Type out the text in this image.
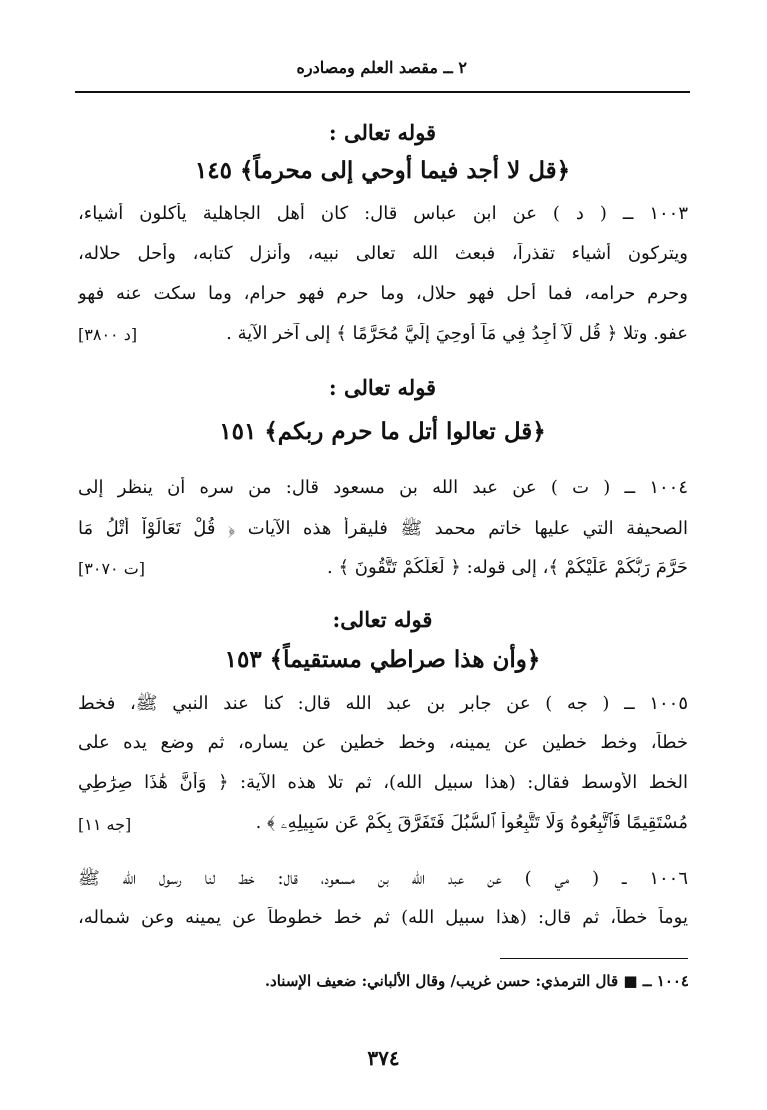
٢ ــ مقصد العلم ومصادره
قوله تعالى :
﴿قل لا أجد فيما أوحي إلى محرماً﴾ ١٤٥
١٠٠٣ ــ ( د ) عن ابن عباس قال: كان أهل الجاهلية يأكلون أشياء،
ويتركون أشياء تقذراً، فبعث الله تعالى نبيه، وأنزل كتابه، وأحل حلاله،
وحرم حرامه، فما أحل فهو حلال، وما حرم فهو حرام، وما سكت عنه فهو
عفو. وتلا ﴿ قُل لَّآ أَجِدُ فِي مَآ أُوحِيَ إِلَيَّ مُحَرَّمًا ﴾ إلى آخر الآية .
[د ٣٨٠٠]
قوله تعالى :
﴿قل تعالوا أتل ما حرم ربكم﴾ ١٥١
١٠٠٤ ــ ( ت ) عن عبد الله بن مسعود قال: من سره أن ينظر إلى
الصحيفة التي عليها خاتم محمد ﷺ فليقرأ هذه الآيات ﴿ قُلْ تَعَالَوْاْ أَتْلُ مَا
حَرَّمَ رَبُّكُمْ عَلَيْكُمْ ﴾، إلى قوله: ﴿ لَعَلَّكُمْ تَتَّقُونَ ﴾ .
[ت ٣٠٧٠]
قوله تعالى:
﴿وأن هذا صراطي مستقيماً﴾ ١٥٣
١٠٠٥ ــ ( جه ) عن جابر بن عبد الله قال: كنا عند النبي ﷺ، فخط
خطاً، وخط خطين عن يمينه، وخط خطين عن يساره، ثم وضع يده على
الخط الأوسط فقال: (هذا سبيل الله)، ثم تلا هذه الآية: ﴿ وَأَنَّ هَٰذَا صِرَٰطِي
مُسْتَقِيمًا فَٱتَّبِعُوهُ وَلَا تَتَّبِعُواْ ٱلسُّبُلَ فَتَفَرَّقَ بِكُمْ عَن سَبِيلِهِۦ ﴾ .
[جه ١١]
١٠٠٦ ــ ( مي ) عن عبد الله بن مسعود، قال: خط لنا رسول الله ﷺ
يوماً خطاً، ثم قال: (هذا سبيل الله) ثم خط خطوطاً عن يمينه وعن شماله،
١٠٠٤ ــ ■ قال الترمذي: حسن غريب/ وقال الألباني: ضعيف الإسناد.
٣٧٤
